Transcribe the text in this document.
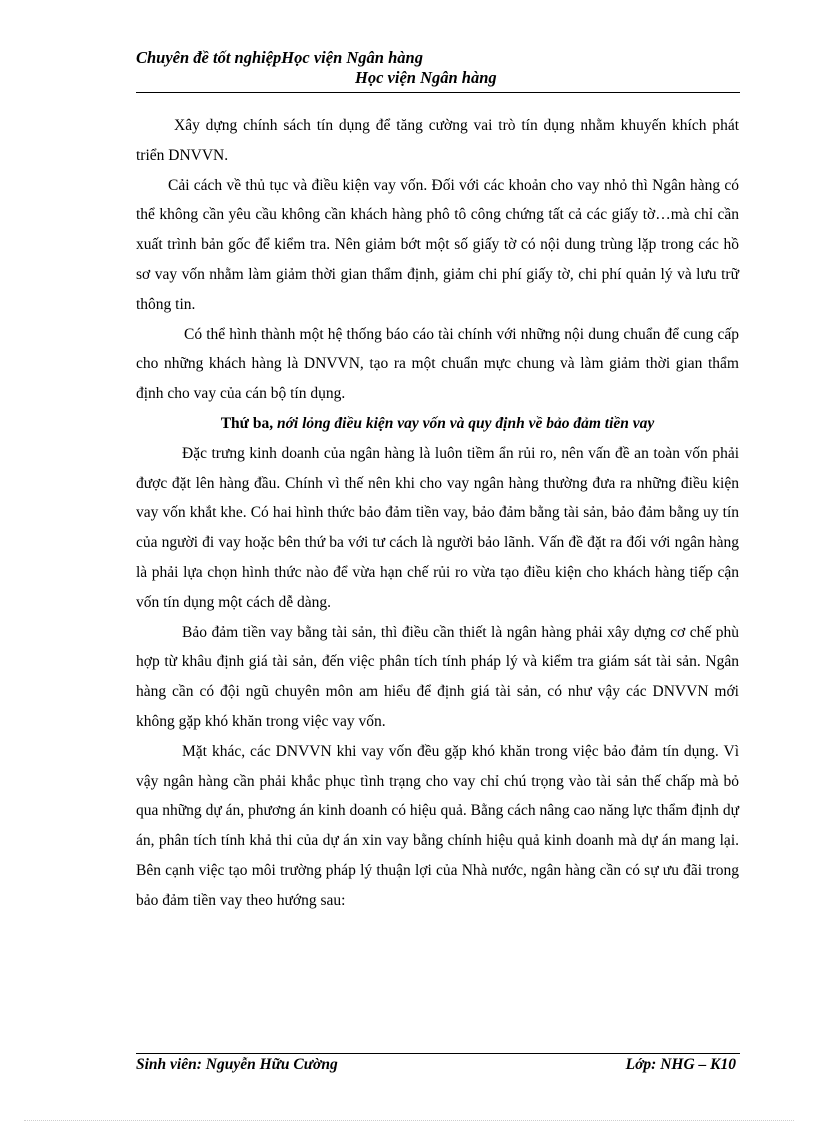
Chuyên đề tốt nghiệpHọc viện Ngân hàng
Học viện Ngân hàng

Xây dựng chính sách tín dụng để tăng cường vai trò tín dụng nhằm khuyến khích phát triển DNVVN.

Cải cách về thủ tục và điều kiện vay vốn. Đối với các khoản cho vay nhỏ thì Ngân hàng có thể không cần yêu cầu không cần khách hàng phô tô công chứng tất cả các giấy tờ…mà chỉ cần xuất trình bản gốc để kiểm tra. Nên giảm bớt một số giấy tờ có nội dung trùng lặp trong các hồ sơ vay vốn nhằm làm giảm thời gian thẩm định, giảm chi phí giấy tờ, chi phí quản lý và lưu trữ thông tin.

Có thể hình thành một hệ thống báo cáo tài chính với những nội dung chuẩn để cung cấp cho những khách hàng là DNVVN, tạo ra một chuẩn mực chung và làm giảm thời gian thẩm định cho vay của cán bộ tín dụng.

Thứ ba, nới lỏng điều kiện vay vốn và quy định về bảo đảm tiền vay

Đặc trưng kinh doanh của ngân hàng là luôn tiềm ẩn rủi ro, nên vấn đề an toàn vốn phải được đặt lên hàng đầu. Chính vì thế nên khi cho vay ngân hàng thường đưa ra những điều kiện vay vốn khắt khe. Có hai hình thức bảo đảm tiền vay, bảo đảm bằng tài sản, bảo đảm bằng uy tín của người đi vay hoặc bên thứ ba với tư cách là người bảo lãnh. Vấn đề đặt ra đối với ngân hàng là phải lựa chọn hình thức nào để vừa hạn chế rủi ro vừa tạo điều kiện cho khách hàng tiếp cận vốn tín dụng một cách dễ dàng.

Bảo đảm tiền vay bằng tài sản, thì điều cần thiết là ngân hàng phải xây dựng cơ chế phù hợp từ khâu định giá tài sản, đến việc phân tích tính pháp lý và kiểm tra giám sát tài sản. Ngân hàng cần có đội ngũ chuyên môn am hiểu để định giá tài sản, có như vậy các DNVVN mới không gặp khó khăn trong việc vay vốn.

Mặt khác, các DNVVN khi vay vốn đều gặp khó khăn trong việc bảo đảm tín dụng. Vì vậy ngân hàng cần phải khắc phục tình trạng cho vay chỉ chú trọng vào tài sản thế chấp mà bỏ qua những dự án, phương án kinh doanh có hiệu quả. Bằng cách nâng cao năng lực thẩm định dự án, phân tích tính khả thi của dự án xin vay bằng chính hiệu quả kinh doanh mà dự án mang lại. Bên cạnh việc tạo môi trường pháp lý thuận lợi của Nhà nước, ngân hàng cần có sự ưu đãi trong bảo đảm tiền vay theo hướng sau:

Sinh viên: Nguyễn Hữu Cường	Lớp: NHG – K10
